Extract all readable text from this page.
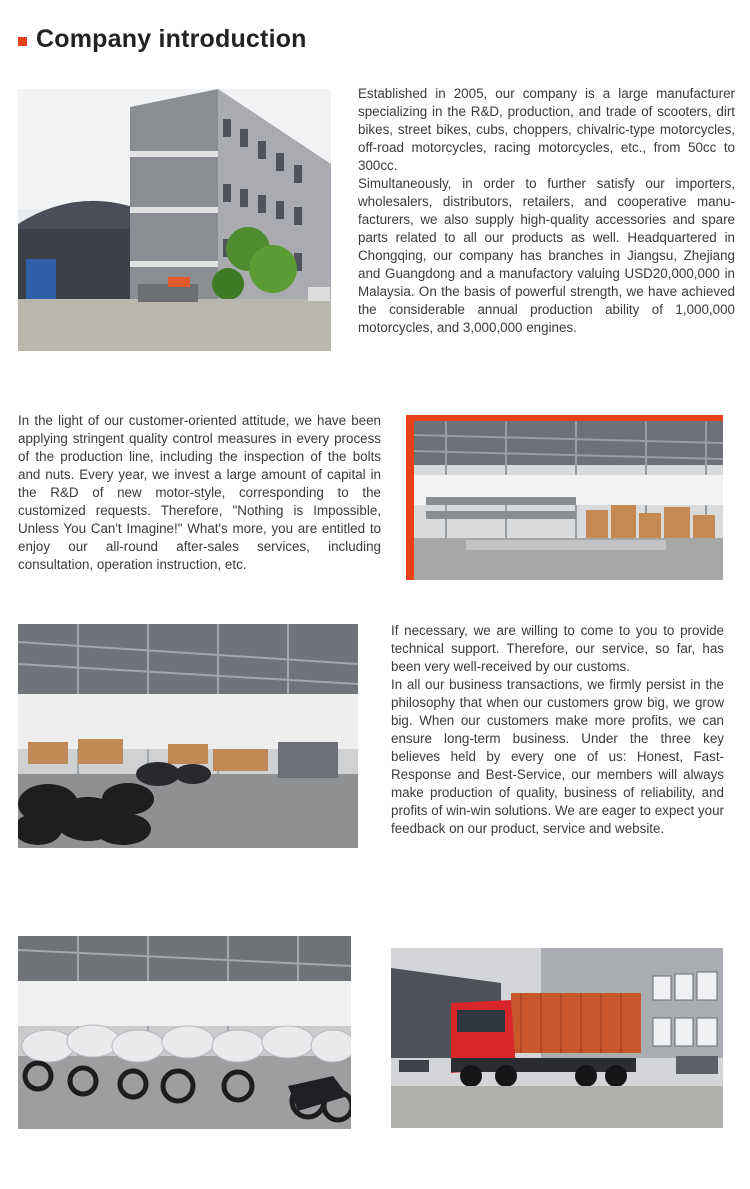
Company introduction

Established in 2005, our company is a large manufacturer specializing in the R&D, production, and trade of scooters, dirt bikes, street bikes, cubs, choppers, chivalric-type motorcycles, off-road motorcycles, racing motorcycles, etc., from 50cc to 300cc.
Simultaneously, in order to further satisfy our importers, wholesalers, distributors, retailers, and cooperative manufacturers, we also supply high-quality accessories and spare parts related to all our products as well. Headquartered in Chongqing, our company has branches in Jiangsu, Zhejiang and Guangdong and a manufactory valuing USD20,000,000 in Malaysia. On the basis of powerful strength, we have achieved the considerable annual production ability of 1,000,000 motorcycles, and 3,000,000 engines.

In the light of our customer-oriented attitude, we have been applying stringent quality control measures in every process of the production line, including the inspection of the bolts and nuts. Every year, we invest a large amount of capital in the R&D of new motor-style, corresponding to the customized requests. Therefore, "Nothing is Impossible, Unless You Can't Imagine!" What's more, you are entitled to enjoy our all-round after-sales services, including consultation, operation instruction, etc.

If necessary, we are willing to come to you to provide technical support. Therefore, our service, so far, has been very well-received by our customs.
In all our business transactions, we firmly persist in the philosophy that when our customers grow big, we grow big. When our customers make more profits, we can ensure long-term business. Under the three key believes held by every one of us: Honest, Fast-Response and Best-Service, our members will always make production of quality, business of reliability, and profits of win-win solutions. We are eager to expect your feedback on our product, service and website.
